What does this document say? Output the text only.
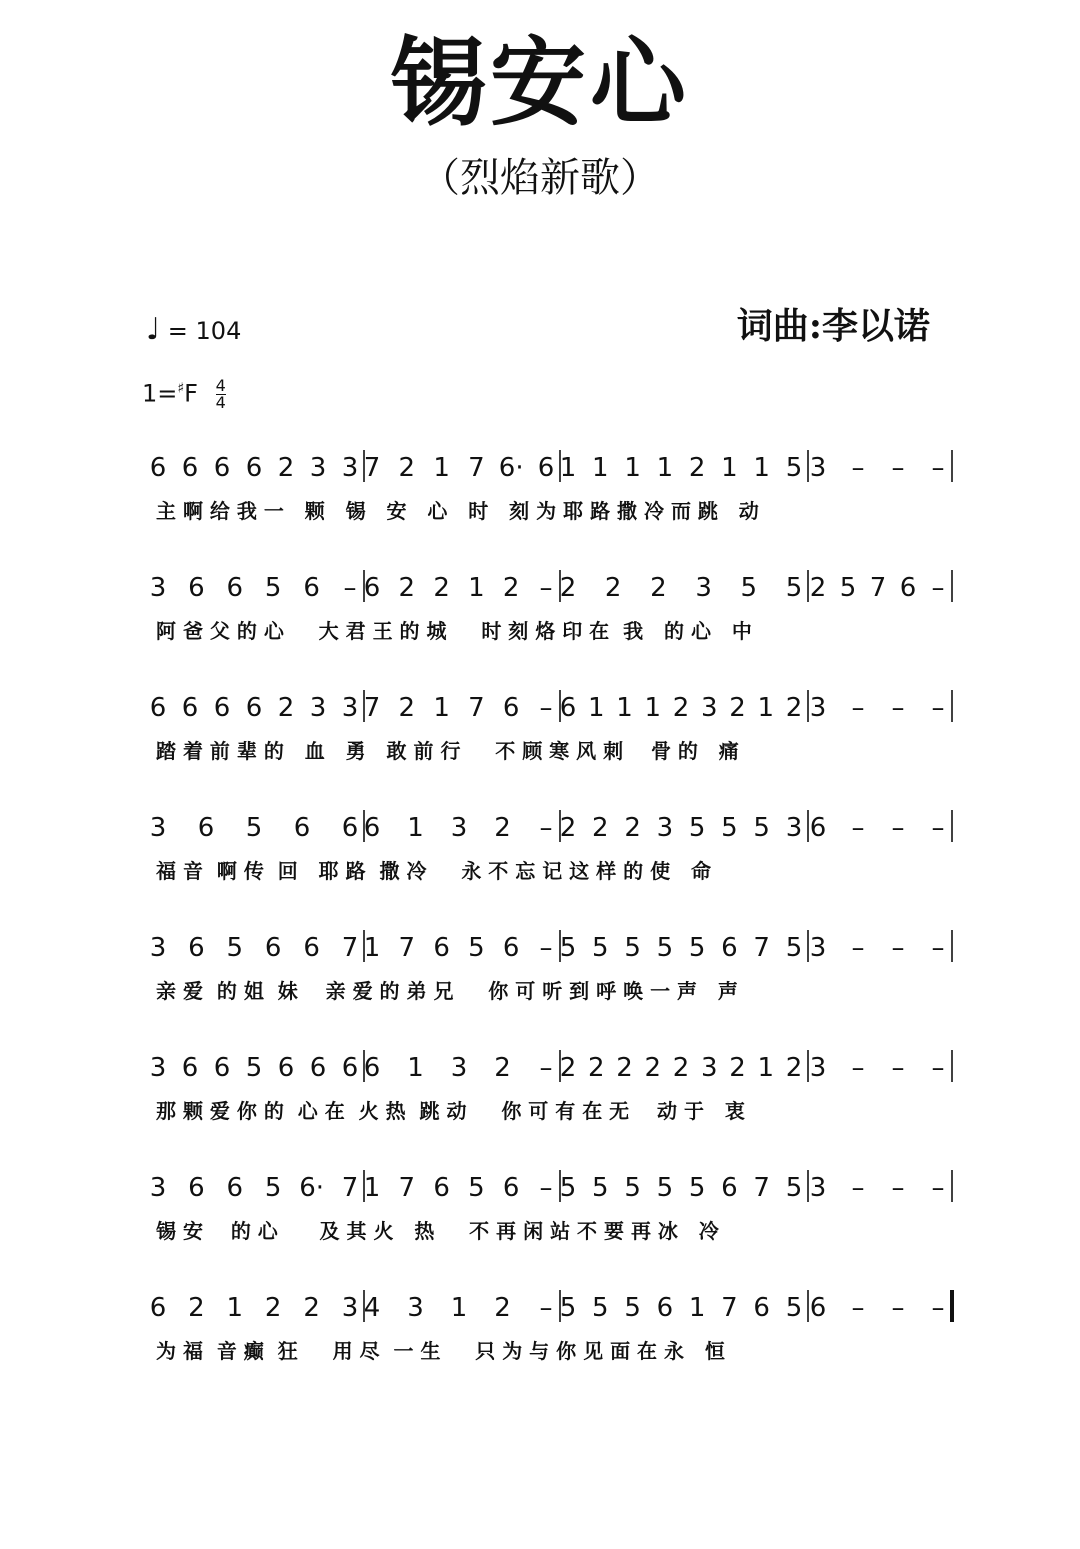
锡安心
（烈焰新歌）
词曲:李以诺
♩ = 104
$1=^♯F \frac{4}{4}$
6 6 6 6 2 3 3 7 2 1 7 6· 6 1 1 1 1 2 1 1 5 3 – – –
主 啊 给 我 一   颗   锡   安   心   时   刻 为 耶 路 撒 冷 而 跳   动
3 6 6 5 6 – 6 2 2 1 2 – 2 2 2 3 5 5 2 5 7 6 –
阿 爸 父 的 心     大 君 王 的 城     时 刻 烙 印 在  我   的 心   中
6 6 6 6 2 3 3 7 2 1 7 6 – 6 1 1 1 2 3 2 1 2 3 – – –
踏 着 前 辈 的   血   勇   敢 前 行     不 顾 寒 风 刺    骨 的   痛
3 6 5 6 6 6 1 3 2 – 2 2 2 3 5 5 5 3 6 – – –
福 音  啊 传  回   耶 路  撒 冷     永 不 忘 记 这 样 的 使   命
3 6 5 6 6 7 1 7 6 5 6 – 5 5 5 5 5 6 7 5 3 – – –
亲 爱  的 姐  妹    亲 爱 的 弟 兄     你 可 听 到 呼 唤 一 声   声
3 6 6 5 6 6 6 6 1 3 2 – 2 2 2 2 2 3 2 1 2 3 – – –
那 颗 爱 你 的  心 在  火 热  跳 动     你 可 有 在 无    动 于   衷
3 6 6 5 6· 7 1 7 6 5 6 – 5 5 5 5 5 6 7 5 3 – – –
锡 安    的 心      及 其 火   热     不 再 闲 站 不 要 再 冰   冷
6 2 1 2 2 3 4 3 1 2 – 5 5 5 6 1 7 6 5 6 – – –
为 福  音 癫  狂     用 尽  一 生     只 为 与 你 见 面 在 永   恒
